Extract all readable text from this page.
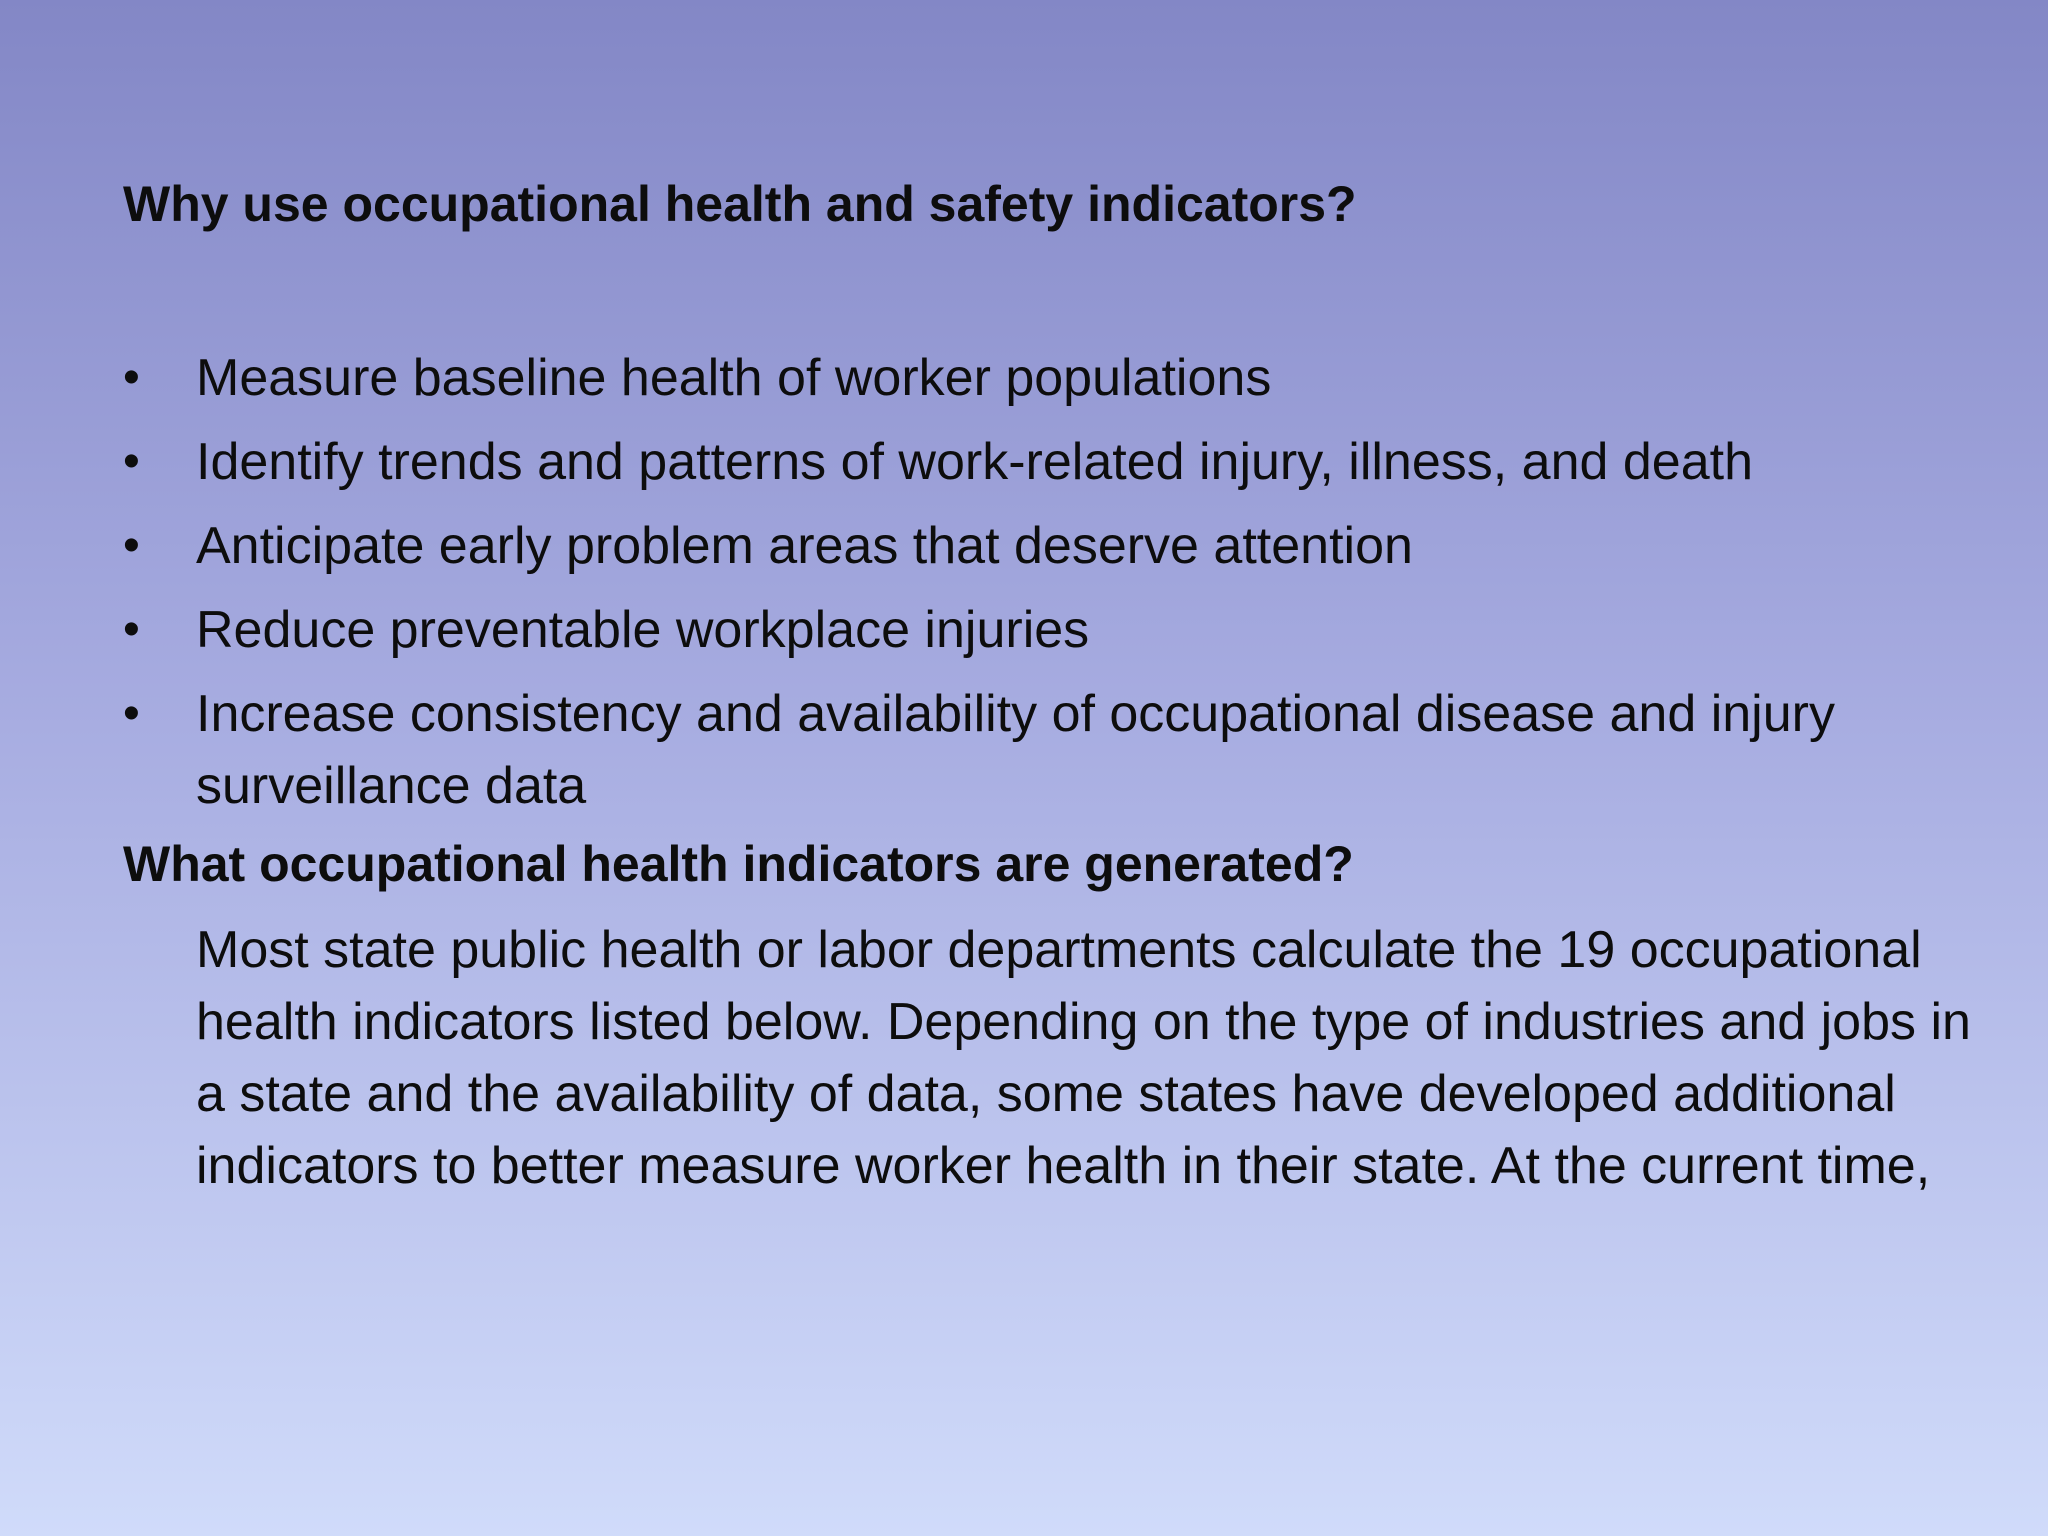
Why use occupational health and safety indicators?
• Measure baseline health of worker populations
• Identify trends and patterns of work-related injury, illness, and death
• Anticipate early problem areas that deserve attention
• Reduce preventable workplace injuries
• Increase consistency and availability of occupational disease and injury surveillance data
What occupational health indicators are generated?

Most state public health or labor departments calculate the 19 occupational health indicators listed below. Depending on the type of industries and jobs in a state and the availability of data, some states have developed additional indicators to better measure worker health in their state. At the current time,
